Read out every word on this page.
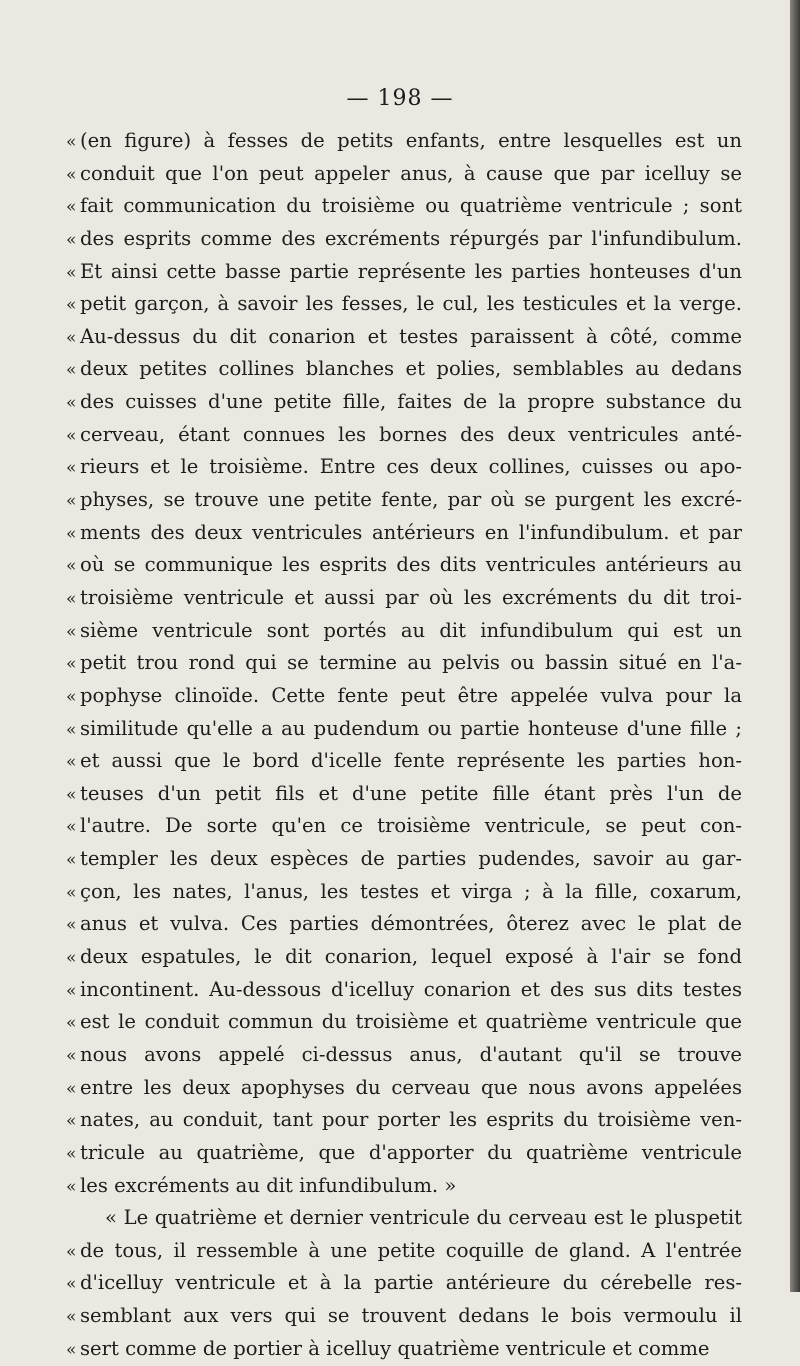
— 198 —
« (en figure) à fesses de petits enfants, entre lesquelles est un
« conduit que l'on peut appeler anus, à cause que par icelluy se
« fait communication du troisième ou quatrième ventricule ; sont
« des esprits comme des excréments répurgés par l'infundibulum.
« Et ainsi cette basse partie représente les parties honteuses d'un
« petit garçon, à savoir les fesses, le cul, les testicules et la verge.
« Au-dessus du dit conarion et testes paraissent à côté, comme
« deux petites collines blanches et polies, semblables au dedans
« des cuisses d'une petite fille, faites de la propre substance du
« cerveau, étant connues les bornes des deux ventricules anté-
« rieurs et le troisième. Entre ces deux collines, cuisses ou apo-
« physes, se trouve une petite fente, par où se purgent les excré-
« ments des deux ventricules antérieurs en l'infundibulum. et par
« où se communique les esprits des dits ventricules antérieurs au
« troisième ventricule et aussi par où les excréments du dit troi-
« sième ventricule sont portés au dit infundibulum qui est un
« petit trou rond qui se termine au pelvis ou bassin situé en l'a-
« pophyse clinoïde. Cette fente peut être appelée vulva pour la
« similitude qu'elle a au pudendum ou partie honteuse d'une fille ;
« et aussi que le bord d'icelle fente représente les parties hon-
« teuses d'un petit fils et d'une petite fille étant près l'un de
« l'autre. De sorte qu'en ce troisième ventricule, se peut con-
« templer les deux espèces de parties pudendes, savoir au gar-
« çon, les nates, l'anus, les testes et virga ; à la fille, coxarum,
« anus et vulva. Ces parties démontrées, ôterez avec le plat de
« deux espatules, le dit conarion, lequel exposé à l'air se fond
« incontinent. Au-dessous d'icelluy conarion et des sus dits testes
« est le conduit commun du troisième et quatrième ventricule que
« nous avons appelé ci-dessus anus, d'autant qu'il se trouve
« entre les deux apophyses du cerveau que nous avons appelées
« nates, au conduit, tant pour porter les esprits du troisième ven-
« tricule au quatrième, que d'apporter du quatrième ventricule
« les excréments au dit infundibulum. »
« Le quatrième et dernier ventricule du cerveau est le pluspetit
« de tous, il ressemble à une petite coquille de gland. A l'entrée
« d'icelluy ventricule et à la partie antérieure du cérebelle res-
« semblant aux vers qui se trouvent dedans le bois vermoulu il
« sert comme de portier à icelluy quatrième ventricule et comme
